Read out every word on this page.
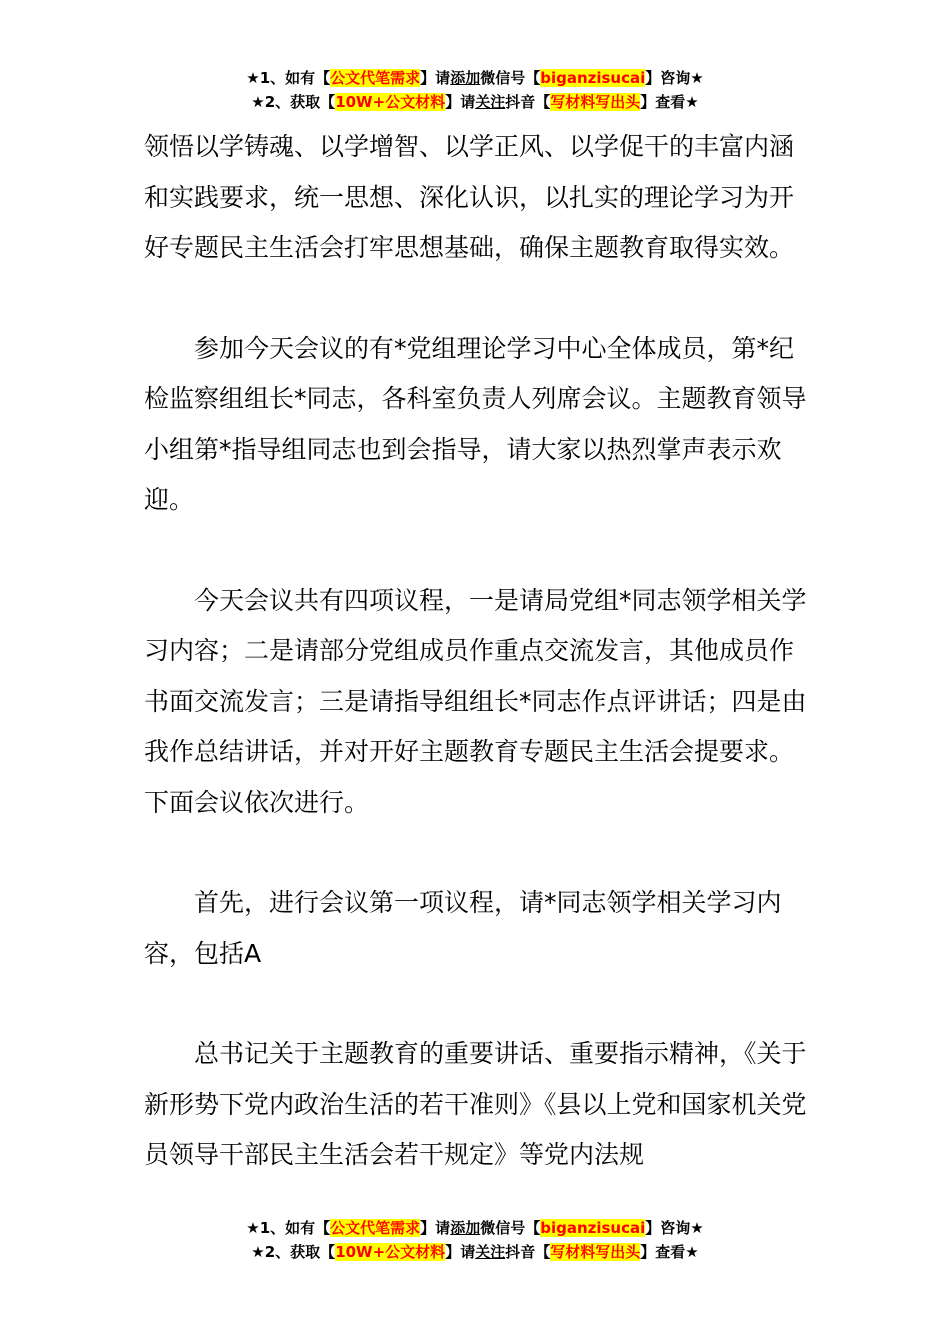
★1、如有【公文代笔需求】请添加微信号【biganzisucai】咨询★
★2、获取【10W+公文材料】请关注抖音【写材料写出头】查看★

领悟以学铸魂、以学增智、以学正风、以学促干的丰富内涵和实践要求，统一思想、深化认识，以扎实的理论学习为开好专题民主生活会打牢思想基础，确保主题教育取得实效。

参加今天会议的有*党组理论学习中心全体成员，第*纪检监察组组长*同志，各科室负责人列席会议。主题教育领导小组第*指导组同志也到会指导，请大家以热烈掌声表示欢迎。

今天会议共有四项议程，一是请局党组*同志领学相关学习内容；二是请部分党组成员作重点交流发言，其他成员作书面交流发言；三是请指导组组长*同志作点评讲话；四是由我作总结讲话，并对开好主题教育专题民主生活会提要求。下面会议依次进行。

首先，进行会议第一项议程，请*同志领学相关学习内容，包括A

总书记关于主题教育的重要讲话、重要指示精神，《关于新形势下党内政治生活的若干准则》《县以上党和国家机关党员领导干部民主生活会若干规定》等党内法规

★1、如有【公文代笔需求】请添加微信号【biganzisucai】咨询★
★2、获取【10W+公文材料】请关注抖音【写材料写出头】查看★
